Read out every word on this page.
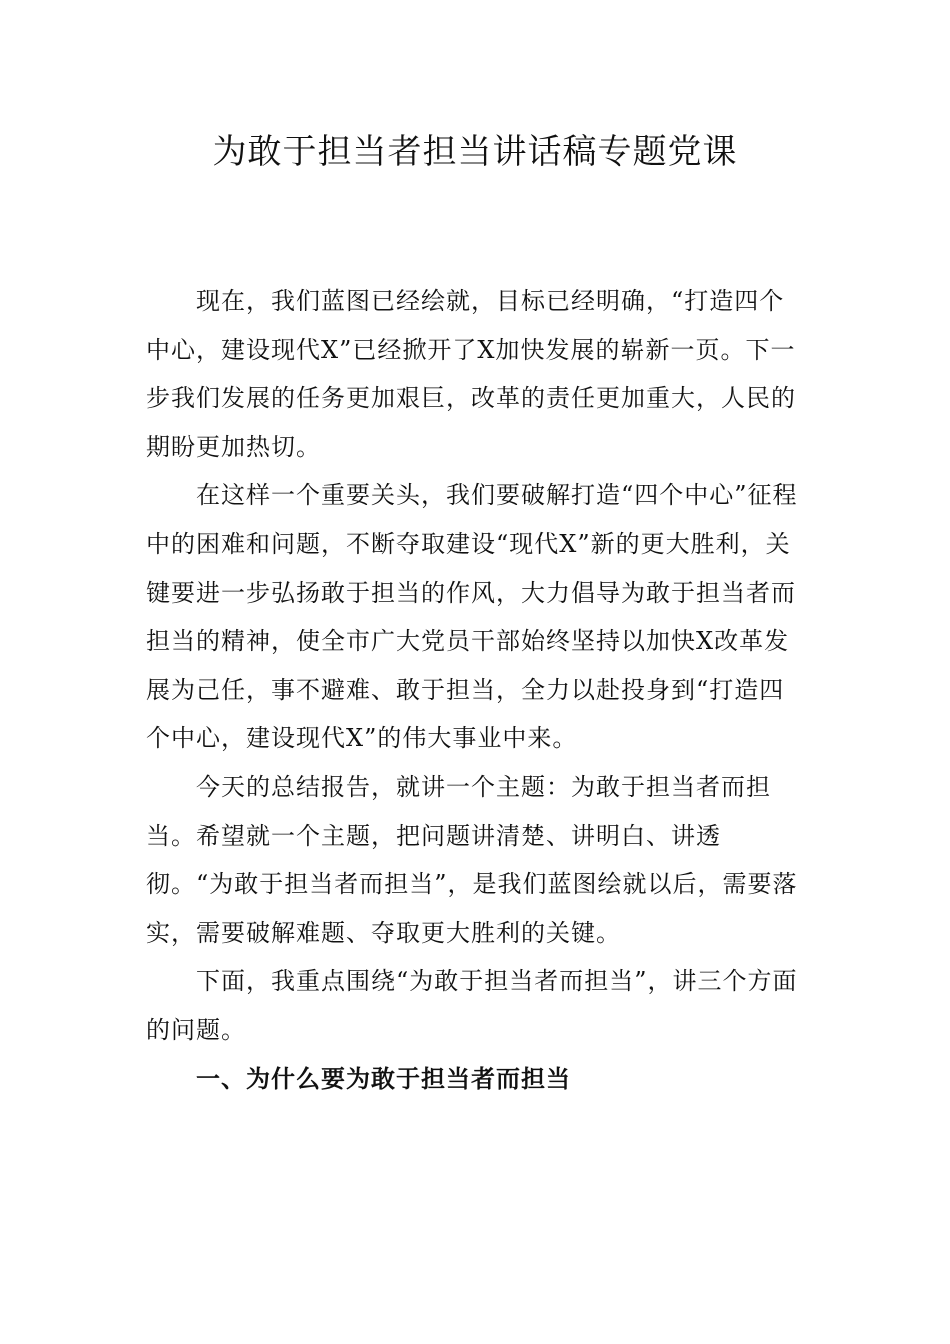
为敢于担当者担当讲话稿专题党课

现在，我们蓝图已经绘就，目标已经明确，“打造四个中心，建设现代X”已经掀开了X加快发展的崭新一页。下一步我们发展的任务更加艰巨，改革的责任更加重大，人民的期盼更加热切。

在这样一个重要关头，我们要破解打造“四个中心”征程中的困难和问题，不断夺取建设“现代X”新的更大胜利，关键要进一步弘扬敢于担当的作风，大力倡导为敢于担当者而担当的精神，使全市广大党员干部始终坚持以加快X改革发展为己任，事不避难、敢于担当，全力以赴投身到“打造四个中心，建设现代X”的伟大事业中来。

今天的总结报告，就讲一个主题：为敢于担当者而担当。希望就一个主题，把问题讲清楚、讲明白、讲透彻。“为敢于担当者而担当”，是我们蓝图绘就以后，需要落实，需要破解难题、夺取更大胜利的关键。

下面，我重点围绕“为敢于担当者而担当”，讲三个方面的问题。

一、为什么要为敢于担当者而担当
